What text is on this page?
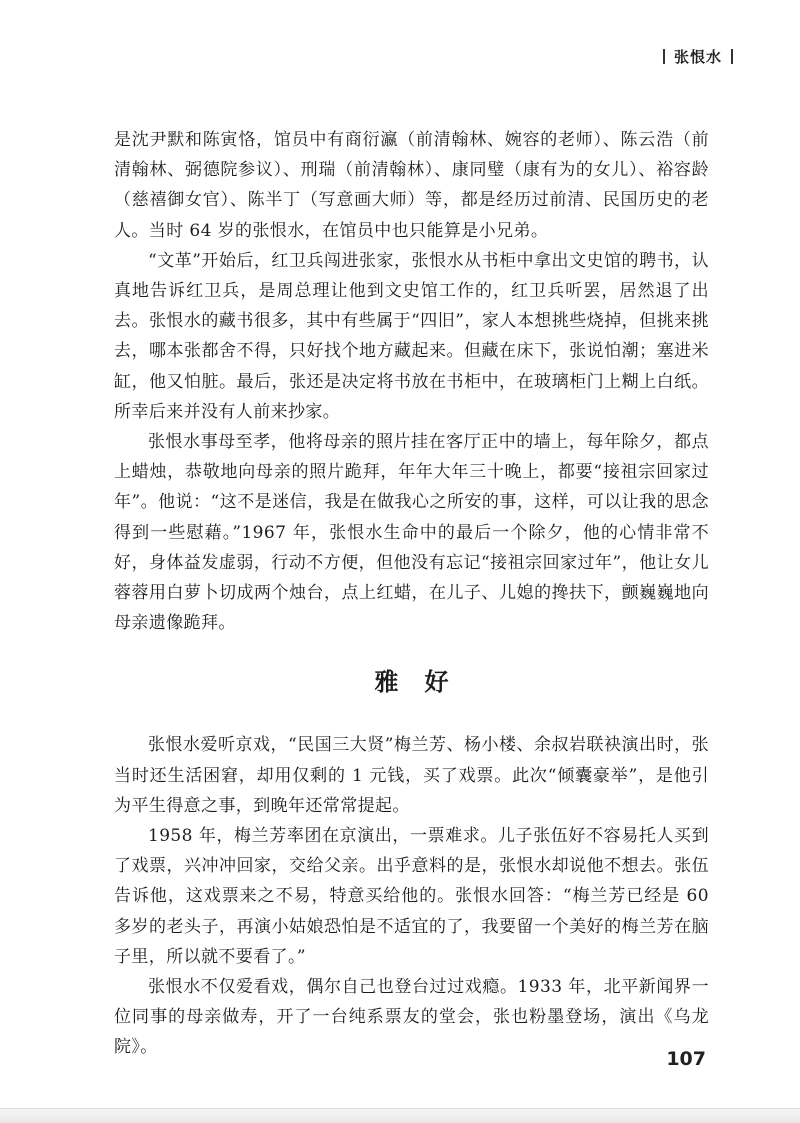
张恨水

是沈尹默和陈寅恪，馆员中有商衍瀛（前清翰林、婉容的老师）、陈云浩（前清翰林、弼德院参议）、刑瑞（前清翰林）、康同璧（康有为的女儿）、裕容龄（慈禧御女官）、陈半丁（写意画大师）等，都是经历过前清、民国历史的老人。当时 64 岁的张恨水，在馆员中也只能算是小兄弟。

“文革”开始后，红卫兵闯进张家，张恨水从书柜中拿出文史馆的聘书，认真地告诉红卫兵，是周总理让他到文史馆工作的，红卫兵听罢，居然退了出去。张恨水的藏书很多，其中有些属于“四旧”，家人本想挑些烧掉，但挑来挑去，哪本张都舍不得，只好找个地方藏起来。但藏在床下，张说怕潮；塞进米缸，他又怕脏。最后，张还是决定将书放在书柜中，在玻璃柜门上糊上白纸。所幸后来并没有人前来抄家。

张恨水事母至孝，他将母亲的照片挂在客厅正中的墙上，每年除夕，都点上蜡烛，恭敬地向母亲的照片跪拜，年年大年三十晚上，都要“接祖宗回家过年”。他说：“这不是迷信，我是在做我心之所安的事，这样，可以让我的思念得到一些慰藉。”1967 年，张恨水生命中的最后一个除夕，他的心情非常不好，身体益发虚弱，行动不方便，但他没有忘记“接祖宗回家过年”，他让女儿蓉蓉用白萝卜切成两个烛台，点上红蜡，在儿子、儿媳的搀扶下，颤巍巍地向母亲遗像跪拜。

雅好

张恨水爱听京戏，“民国三大贤”梅兰芳、杨小楼、余叔岩联袂演出时，张当时还生活困窘，却用仅剩的 1 元钱，买了戏票。此次“倾囊豪举”，是他引为平生得意之事，到晚年还常常提起。

1958 年，梅兰芳率团在京演出，一票难求。儿子张伍好不容易托人买到了戏票，兴冲冲回家，交给父亲。出乎意料的是，张恨水却说他不想去。张伍告诉他，这戏票来之不易，特意买给他的。张恨水回答：“梅兰芳已经是 60 多岁的老头子，再演小姑娘恐怕是不适宜的了，我要留一个美好的梅兰芳在脑子里，所以就不要看了。”

张恨水不仅爱看戏，偶尔自己也登台过过戏瘾。1933 年，北平新闻界一位同事的母亲做寿，开了一台纯系票友的堂会，张也粉墨登场，演出《乌龙院》。

107
